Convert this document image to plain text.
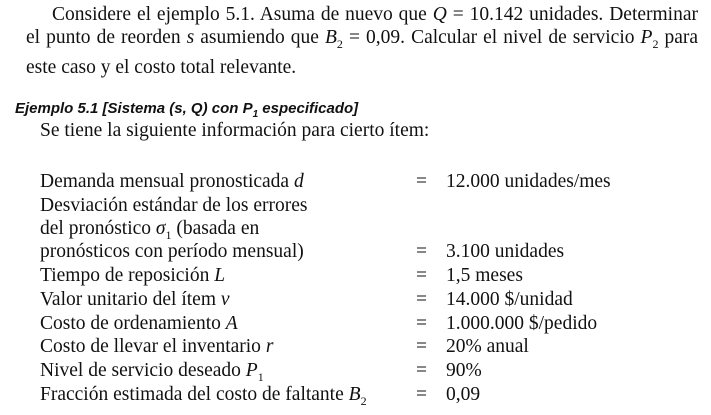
Considere el ejemplo 5.1. Asuma de nuevo que Q = 10.142 unidades. Determinar el punto de reorden s asumiendo que $B_2 = 0,09$. Calcular el nivel de servicio $P_2$ para este caso y el costo total relevante.
Ejemplo 5.1 [Sistema (s, Q) con $P_1$ especificado]
Se tiene la siguiente información para cierto ítem:
Demanda mensual pronosticada d	= 12.000 unidades/mes
Desviación estándar de los errores
del pronóstico $\sigma_1$ (basada en
pronósticos con período mensual)	= 3.100 unidades
Tiempo de reposición L	= 1,5 meses
Valor unitario del ítem v	= 14.000 $/unidad
Costo de ordenamiento A	= 1.000.000 $/pedido
Costo de llevar el inventario r	= 20% anual
Nivel de servicio deseado $P_1$	= 90%
Fracción estimada del costo de faltante $B_2$	= 0,09
